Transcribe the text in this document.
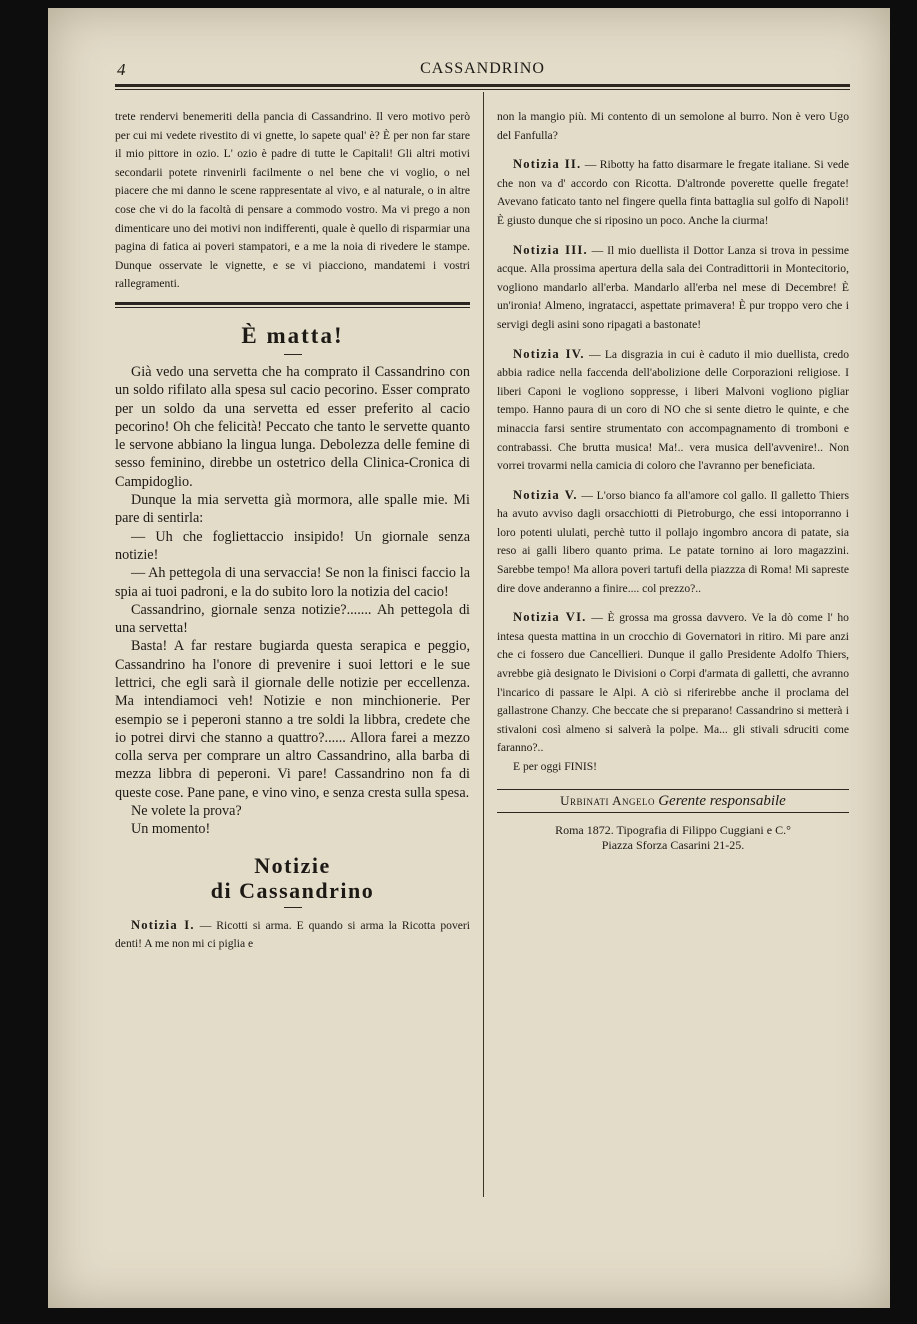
4	CASSANDRINO

trete rendervi benemeriti della pancia di Cassandrino. Il vero motivo però per cui mi vedete rivestito di vi gnette, lo sapete qual' è? È per non far stare il mio pittore in ozio. L' ozio è padre di tutte le Capitali! Gli altri motivi secondarii potete rinvenirli facilmente o nel bene che vi voglio, o nel piacere che mi danno le scene rappresentate al vivo, e al naturale, o in altre cose che vi do la facoltà di pensare a commodo vostro. Ma vi prego a non dimenticare uno dei motivi non indifferenti, quale è quello di risparmiar una pagina di fatica ai poveri stampatori, e a me la noia di rivedere le stampe. Dunque osservate le vignette, e se vi piacciono, mandatemi i vostri rallegramenti.

È matta!

Già vedo una servetta che ha comprato il Cassandrino con un soldo rifilato alla spesa sul cacio pecorino. Esser comprato per un soldo da una servetta ed esser preferito al cacio pecorino! Oh che felicità! Peccato che tanto le servette quanto le servone abbiano la lingua lunga. Debolezza delle femine di sesso feminino, direbbe un ostetrico della Clinica-Cronica di Campidoglio.

Dunque la mia servetta già mormora, alle spalle mie. Mi pare di sentirla:

— Uh che fogliettaccio insipido! Un giornale senza notizie!

— Ah pettegola di una servaccia! Se non la finisci faccio la spia ai tuoi padroni, e la do subito loro la notizia del cacio!

Cassandrino, giornale senza notizie?....... Ah pettegola di una servetta!

Basta! A far restare bugiarda questa serapica e peggio, Cassandrino ha l'onore di prevenire i suoi lettori e le sue lettrici, che egli sarà il giornale delle notizie per eccellenza. Ma intendiamoci veh! Notizie e non minchionerie. Per esempio se i peperoni stanno a tre soldi la libbra, credete che io potrei dirvi che stanno a quattro?...... Allora farei a mezzo colla serva per comprare un altro Cassandrino, alla barba di mezza libbra di peperoni. Vi pare! Cassandrino non fa di queste cose. Pane pane, e vino vino, e senza cresta sulla spesa.

Ne volete la prova?

Un momento!

Notizie
di Cassandrino

Notizia I. — Ricotti si arma. E quando si arma la Ricotta poveri denti! A me non mi ci piglia e

non la mangio più. Mi contento di un semolone al burro. Non è vero Ugo del Fanfulla?

Notizia II. — Ribotty ha fatto disarmare le fregate italiane. Si vede che non va d' accordo con Ricotta. D'altronde poverette quelle fregate! Avevano faticato tanto nel fingere quella finta battaglia sul golfo di Napoli! È giusto dunque che si riposino un poco. Anche la ciurma!

Notizia III. — Il mio duellista il Dottor Lanza si trova in pessime acque. Alla prossima apertura della sala dei Contradittorii in Montecitorio, vogliono mandarlo all'erba. Mandarlo all'erba nel mese di Decembre! È un'ironia! Almeno, ingratacci, aspettate primavera! È pur troppo vero che i servigi degli asini sono ripagati a bastonate!

Notizia IV. — La disgrazia in cui è caduto il mio duellista, credo abbia radice nella faccenda dell'abolizione delle Corporazioni religiose. I liberi Caponi le vogliono soppresse, i liberi Malvoni vogliono pigliar tempo. Hanno paura di un coro di NO che si sente dietro le quinte, e che minaccia farsi sentire strumentato con accompagnamento di tromboni e contrabassi. Che brutta musica! Ma!.. vera musica dell'avvenire!.. Non vorrei trovarmi nella camicia di coloro che l'avranno per beneficiata.

Notizia V. — L'orso bianco fa all'amore col gallo. Il galletto Thiers ha avuto avviso dagli orsacchiotti di Pietroburgo, che essi intoporranno i loro potenti ululati, perchè tutto il pollajo ingombro ancora di patate, sia reso ai galli libero quanto prima. Le patate tornino ai loro magazzini. Sarebbe tempo! Ma allora poveri tartufi della piazzza di Roma! Mi sapreste dire dove anderanno a finire.... col prezzo?..

Notizia VI. — È grossa ma grossa davvero. Ve la dò come l' ho intesa questa mattina in un crocchio di Governatori in ritiro. Mi pare anzi che ci fossero due Cancellieri. Dunque il gallo Presidente Adolfo Thiers, avrebbe già designato le Divisioni o Corpi d'armata di galletti, che avranno l'incarico di passare le Alpi. A ciò si riferirebbe anche il proclama del gallastrone Chanzy. Che beccate che si preparano! Cassandrino si metterà i stivaloni così almeno si salverà la polpe. Ma... gli stivali sdruciti come faranno?..

E per oggi FINIS!

Urbinati Angelo Gerente responsabile
Roma 1872. Tipografia di Filippo Cuggiani e C.°
Piazza Sforza Casarini 21-25.
